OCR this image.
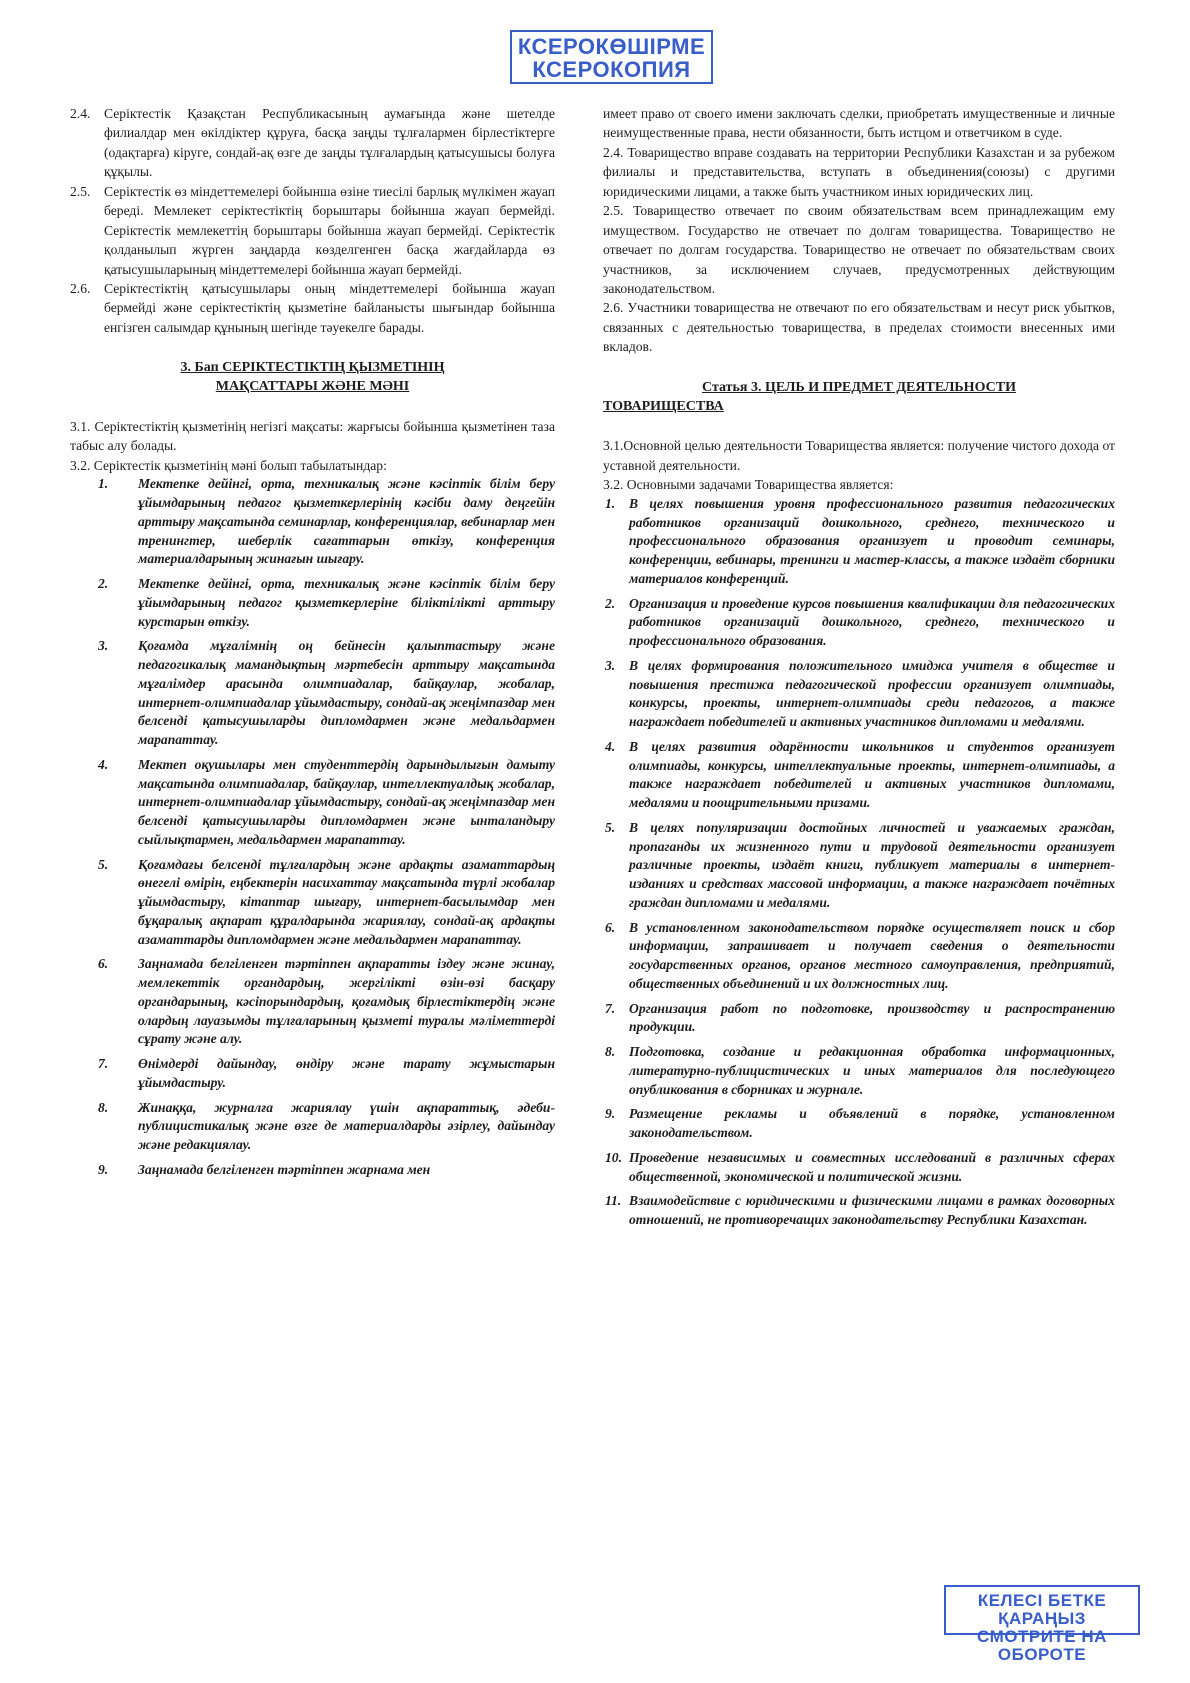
КСЕРОКӨШІРМЕ
КСЕРОКОПИЯ
2.4.	Серіктестік Қазақстан Республикасының аумағында және шетелде филиалдар мен өкілдіктер құруға, басқа заңды тұлғалармен бірлестіктерге (одақтарға) кіруге, сондай-ақ өзге де заңды тұлғалардың қатысушысы болуға құқылы.
2.5.	Серіктестік өз міндеттемелері бойынша өзіне тиесілі барлық мүлкімен жауап береді. Мемлекет серіктестіктің борыштары бойынша жауап бермейді. Серіктестік мемлекеттің борыштары бойынша жауап бермейді. Серіктестік қолданылып жүрген заңдарда көзделгенген басқа жағдайларда өз қатысушыларының міндеттемелері бойынша жауап бермейді.
2.6.	Серіктестіктің қатысушылары оның міндеттемелері бойынша жауап бермейді және серіктестіктің қызметіне байланысты шығындар бойынша енгізген салымдар құнының шегінде тәуекелге барады.
3. Бап СЕРІКТЕСТІКТІҢ ҚЫЗМЕТІНІҢ
МАҚСАТТАРЫ ЖӘНЕ МӘНІ

3.1. Серіктестіктің қызметінің негізгі мақсаты: жарғысы бойынша қызметінен таза табыс алу болады.

3.2. Серіктестік қызметінің мәні болып табылатындар:

1.	Мектепке дейінгі, орта, техникалық және кәсіптік білім беру ұйымдарының педагог қызметкерлерінің кәсіби даму деңгейін арттыру мақсатында семинарлар, конференциялар, вебинарлар мен тренингтер, шеберлік сағаттарын өткізу, конференция материалдарының жинағын шығару.
2.	Мектепке дейінгі, орта, техникалық және кәсіптік білім беру ұйымдарының педагог қызметкерлеріне біліктілікті арттыру курстарын өткізу.
3.	Қоғамда мұғалімнің оң бейнесін қалыптастыру және педагогикалық мамандықтың мәртебесін арттыру мақсатында мұғалімдер арасында олимпиадалар, байқаулар, жобалар, интернет-олимпиадалар ұйымдастыру, сондай-ақ жеңімпаздар мен белсенді қатысушыларды дипломдармен және медальдармен марапаттау.
4.	Мектеп оқушылары мен студенттердің дарындылығын дамыту мақсатында олимпиадалар, байқаулар, интеллектуалдық жобалар, интернет-олимпиадалар ұйымдастыру, сондай-ақ жеңімпаздар мен белсенді қатысушыларды дипломдармен және ынталандыру сыйлықтармен, медальдармен марапаттау.
5.	Қоғамдағы белсенді тұлғалардың және ардақты азаматтардың өнегелі өмірін, еңбектерін насихаттау мақсатында түрлі жобалар ұйымдастыру, кітаптар шығару, интернет-басылымдар мен бұқаралық ақпарат құралдарында жариялау, сондай-ақ ардақты азаматтарды дипломдармен және медальдармен марапаттау.
6.	Заңнамада белгіленген тәртіппен ақпаратты іздеу және жинау, мемлекеттік органдардың, жергілікті өзін-өзі басқару органдарының, кәсіпорындардың, қоғамдық бірлестіктердің және олардың лауазымды тұлғаларының қызметі туралы мәліметтерді сұрату және алу.
7.	Өнімдерді дайындау, өндіру және тарату жұмыстарын ұйымдастыру.
8.	Жинаққа, журналға жариялау үшін ақпараттық, әдеби-публицистикалық және өзге де материалдарды әзірлеу, дайындау және редакциялау.
9.	Заңнамада белгіленген тәртіппен жарнама мен

имеет право от своего имени заключать сделки, приобретать имущественные и личные неимущественные права, нести обязанности, быть истцом и ответчиком в суде.

2.4. Товарищество вправе создавать на территории Республики Казахстан и за рубежом филиалы и представительства, вступать в объединения(союзы) с другими юридическими лицами, а также быть участником иных юридических лиц.

2.5. Товарищество отвечает по своим обязательствам всем принадлежащим ему имуществом. Государство не отвечает по долгам товарищества. Товарищество не отвечает по долгам государства. Товарищество не отвечает по обязательствам своих участников, за исключением случаев, предусмотренных действующим законодательством.

2.6. Участники товарищества не отвечают по его обязательствам и несут риск убытков, связанных с деятельностью товарищества, в пределах стоимости внесенных ими вкладов.

Статья 3. ЦЕЛЬ И ПРЕДМЕТ ДЕЯТЕЛЬНОСТИ
ТОВАРИЩЕСТВА

3.1.Основной целью деятельности Товарищества является: получение чистого дохода от уставной деятельности.

3.2. Основными задачами Товарищества является:

1.	В целях повышения уровня профессионального развития педагогических работников организаций дошкольного, среднего, технического и профессионального образования организует и проводит семинары, конференции, вебинары, тренинги и мастер-классы, а также издаёт сборники материалов конференций.
2.	Организация и проведение курсов повышения квалификации для педагогических работников организаций дошкольного, среднего, технического и профессионального образования.
3.	В целях формирования положительного имиджа учителя в обществе и повышения престижа педагогической профессии организует олимпиады, конкурсы, проекты, интернет-олимпиады среди педагогов, а также награждает победителей и активных участников дипломами и медалями.
4.	В целях развития одарённости школьников и студентов организует олимпиады, конкурсы, интеллектуальные проекты, интернет-олимпиады, а также награждает победителей и активных участников дипломами, медалями и поощрительными призами.
5.	В целях популяризации достойных личностей и уважаемых граждан, пропаганды их жизненного пути и трудовой деятельности организует различные проекты, издаёт книги, публикует материалы в интернет-изданиях и средствах массовой информации, а также награждает почётных граждан дипломами и медалями.
6.	В установленном законодательством порядке осуществляет поиск и сбор информации, запрашивает и получает сведения о деятельности государственных органов, органов местного самоуправления, предприятий, общественных объединений и их должностных лиц.
7.	Организация работ по подготовке, производству и распространению продукции.
8.	Подготовка, создание и редакционная обработка информационных, литературно-публицистических и иных материалов для последующего опубликования в сборниках и журнале.
9.	Размещение рекламы и объявлений в порядке, установленном законодательством.
10. Проведение независимых и совместных исследований в различных сферах общественной, экономической и политической жизни.
11. Взаимодействие с юридическими и физическими лицами в рамках договорных отношений, не противоречащих законодательству Республики Казахстан.
КЕЛЕСІ БЕТКЕ ҚАРАҢЫЗ
СМОТРИТЕ НА ОБОРОТЕ
